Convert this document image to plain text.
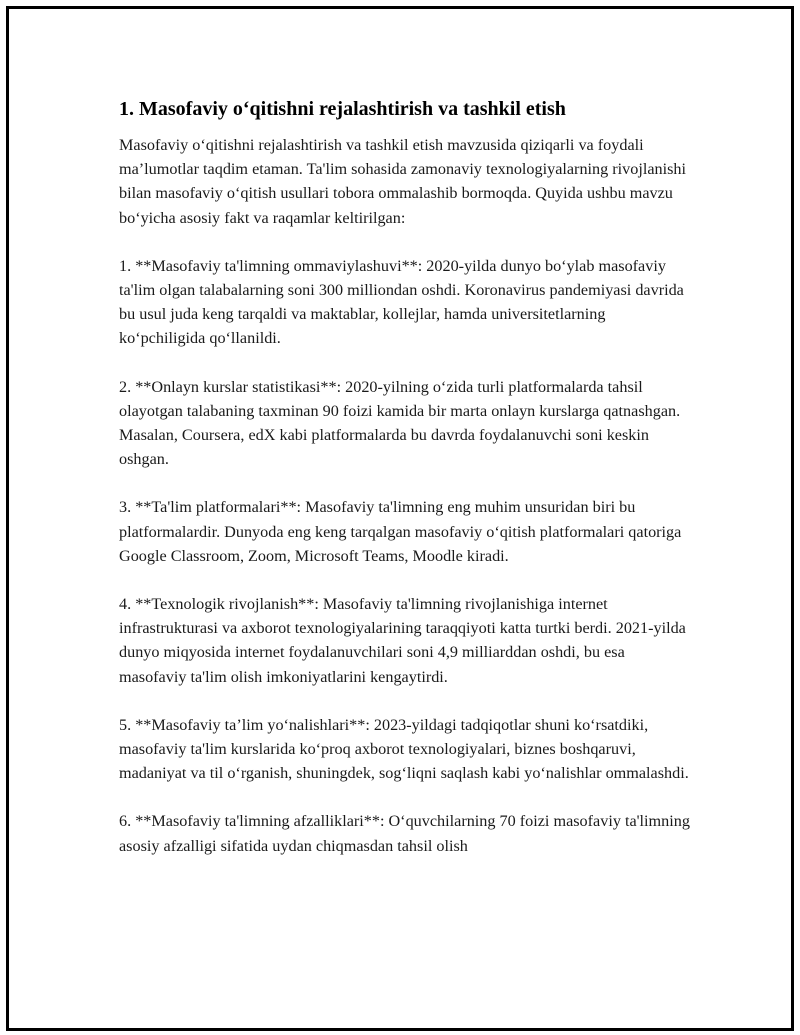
1. Masofaviy oʻqitishni rejalashtirish va tashkil etish

Masofaviy oʻqitishni rejalashtirish va tashkil etish mavzusida qiziqarli va foydali maʼlumotlar taqdim etaman. Ta'lim sohasida zamonaviy texnologiyalarning rivojlanishi bilan masofaviy oʻqitish usullari tobora ommalashib bormoqda. Quyida ushbu mavzu boʻyicha asosiy fakt va raqamlar keltirilgan:

1. **Masofaviy ta'limning ommaviylashuvi**: 2020-yilda dunyo boʻylab masofaviy ta'lim olgan talabalarning soni 300 milliondan oshdi. Koronavirus pandemiyasi davrida bu usul juda keng tarqaldi va maktablar, kollejlar, hamda universitetlarning koʻpchiligida qoʻllanildi.

2. **Onlayn kurslar statistikasi**: 2020-yilning oʻzida turli platformalarda tahsil olayotgan talabaning taxminan 90 foizi kamida bir marta onlayn kurslarga qatnashgan. Masalan, Coursera, edX kabi platformalarda bu davrda foydalanuvchi soni keskin oshgan.

3. **Ta'lim platformalari**: Masofaviy ta'limning eng muhim unsuridan biri bu platformalardir. Dunyoda eng keng tarqalgan masofaviy oʻqitish platformalari qatoriga Google Classroom, Zoom, Microsoft Teams, Moodle kiradi.

4. **Texnologik rivojlanish**: Masofaviy ta'limning rivojlanishiga internet infrastrukturasi va axborot texnologiyalarining taraqqiyoti katta turtki berdi. 2021-yilda dunyo miqyosida internet foydalanuvchilari soni 4,9 milliarddan oshdi, bu esa masofaviy ta'lim olish imkoniyatlarini kengaytirdi.

5. **Masofaviy taʼlim yoʻnalishlari**: 2023-yildagi tadqiqotlar shuni koʻrsatdiki, masofaviy ta'lim kurslarida koʻproq axborot texnologiyalari, biznes boshqaruvi, madaniyat va til oʻrganish, shuningdek, sogʻliqni saqlash kabi yoʻnalishlar ommalashdi.

6. **Masofaviy ta'limning afzalliklari**: Oʻquvchilarning 70 foizi masofaviy ta'limning asosiy afzalligi sifatida uydan chiqmasdan tahsil olish
